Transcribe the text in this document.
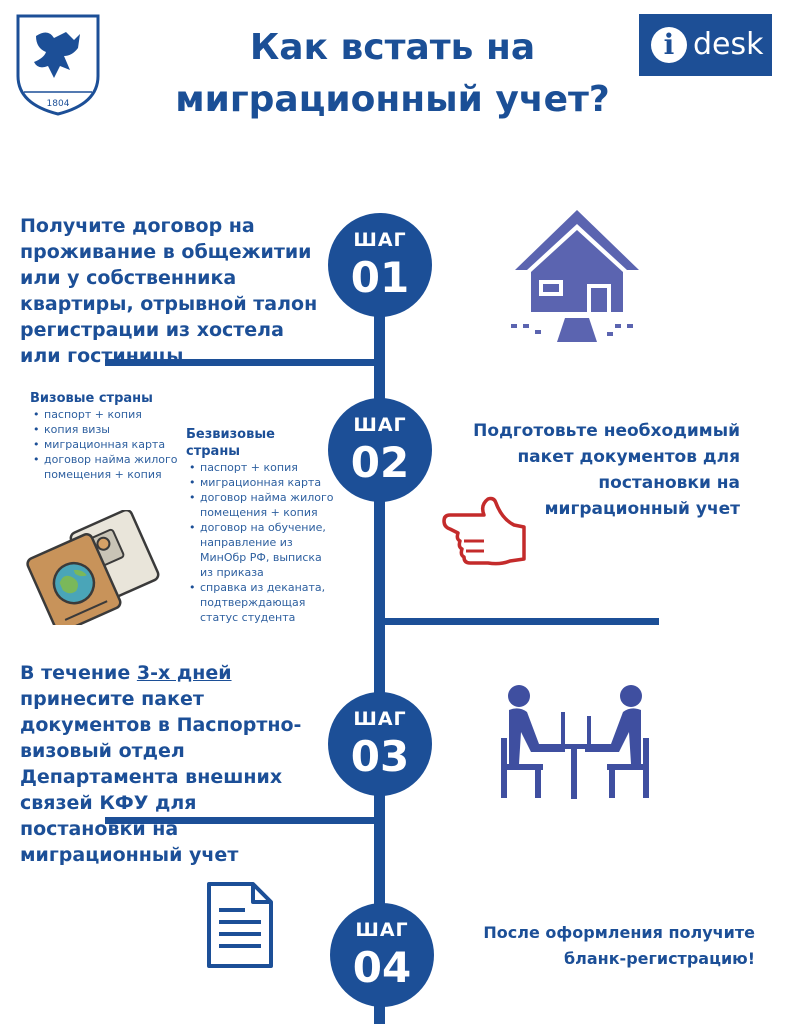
1804
Как встать на миграционный учет?
i desk
ШАГ
01
Получите договор на проживание в общежитии или у собственника квартиры, отрывной талон регистрации из хостела или гостиницы
ШАГ
02
Подготовьте необходимый пакет документов для постановки на миграционный учет
Визовые страны
• паспорт + копия
• копия визы
• миграционная карта
• договор найма жилого помещения + копия
Безвизовые страны
• паспорт + копия
• миграционная карта
• договор найма жилого помещения + копия
• договор на обучение, направление из МинОбр РФ, выписка из приказа
• справка из деканата, подтверждающая статус студента
ШАГ
03
В течение 3-х дней принесите пакет документов в Паспортно-визовый отдел Департамента внешних связей КФУ для постановки на миграционный учет
ШАГ
04
После оформления получите бланк-регистрацию!
